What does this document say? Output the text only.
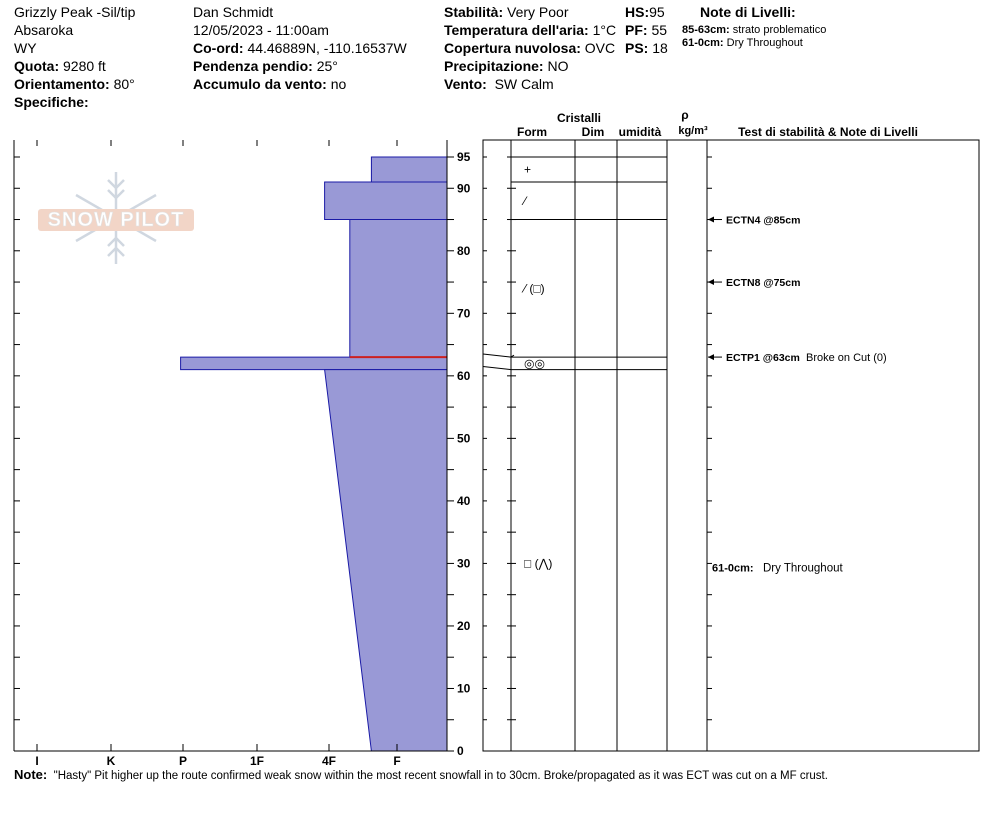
Grizzly Peak -Sil/tip
Absaroka
WY
Quota: 9280 ft
Orientamento: 80°
Specifiche:
Dan Schmidt
12/05/2023 - 11:00am
Co-ord: 44.46889N, -110.16537W
Pendenza pendio: 25°
Accumulo da vento: no
Stabilità: Very Poor
Temperatura dell'aria: 1°C
Copertura nuvolosa: OVC
Precipitazione: NO
Vento: SW Calm
HS:95
PF: 55
PS: 18
Note di Livelli:
85-63cm: strato problematico
61-0cm: Dry Throughout
SNOW PILOT
0
10
20
30
40
50
60
70
80
90
95
I	K	P	1F	4F	F
+
⁄
⁄ (□)
◎◎
□ (⋀)
ECTN4 @85cm
ECTN8 @75cm
ECTP1 @63cm Broke on Cut (0)
61-0cm: Dry Throughout
Cristalli
Form	Dim umidità
ρ
kg/m³	Test di stabilità & Note di Livelli
Note: "Hasty" Pit higher up the route confirmed weak snow within the most recent snowfall in to 30cm. Broke/propagated as it was ECT was cut on a MF crust.
